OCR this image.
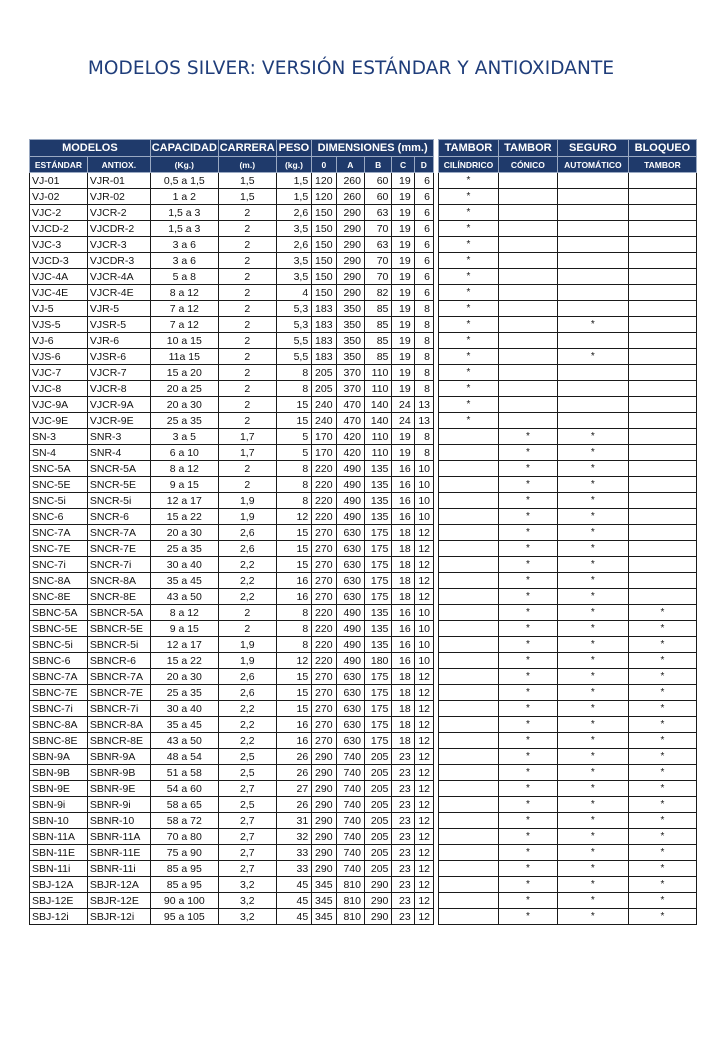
MODELOS SILVER: VERSIÓN ESTÁNDAR Y ANTIOXIDANTE
MODELOS		CAPACIDAD	CARRERA	PESO	DIMENSIONES (mm.)						TAMBOR	TAMBOR	SEGURO	BLOQUEO
ESTÁNDAR	ANTIOX.	(Kg.)	(m.)	(kg.)	0	A	B	C	D		CILÍNDRICO	CÓNICO	AUTOMÁTICO	TAMBOR
VJ-01	VJR-01	0,5 a 1,5	1,5	1,5	120	260	60	19	6		*			
VJ-02	VJR-02	1 a 2	1,5	1,5	120	260	60	19	6		*			
VJC-2	VJCR-2	1,5 a 3	2	2,6	150	290	63	19	6		*			
VJCD-2	VJCDR-2	1,5 a 3	2	3,5	150	290	70	19	6		*			
VJC-3	VJCR-3	3 a 6	2	2,6	150	290	63	19	6		*			
VJCD-3	VJCDR-3	3 a 6	2	3,5	150	290	70	19	6		*			
VJC-4A	VJCR-4A	5 a 8	2	3,5	150	290	70	19	6		*			
VJC-4E	VJCR-4E	8 a 12	2	4	150	290	82	19	6		*			
VJ-5	VJR-5	7 a 12	2	5,3	183	350	85	19	8		*			
VJS-5	VJSR-5	7 a 12	2	5,3	183	350	85	19	8		*		*	
VJ-6	VJR-6	10 a 15	2	5,5	183	350	85	19	8		*			
VJS-6	VJSR-6	11a 15	2	5,5	183	350	85	19	8		*		*	
VJC-7	VJCR-7	15 a 20	2	8	205	370	110	19	8		*			
VJC-8	VJCR-8	20 a 25	2	8	205	370	110	19	8		*			
VJC-9A	VJCR-9A	20 a 30	2	15	240	470	140	24	13		*			
VJC-9E	VJCR-9E	25 a 35	2	15	240	470	140	24	13		*			
SN-3	SNR-3	3 a 5	1,7	5	170	420	110	19	8			*	*	
SN-4	SNR-4	6 a 10	1,7	5	170	420	110	19	8			*	*	
SNC-5A	SNCR-5A	8 a 12	2	8	220	490	135	16	10			*	*	
SNC-5E	SNCR-5E	9 a 15	2	8	220	490	135	16	10			*	*	
SNC-5i	SNCR-5i	12 a 17	1,9	8	220	490	135	16	10			*	*	
SNC-6	SNCR-6	15 a 22	1,9	12	220	490	135	16	10			*	*	
SNC-7A	SNCR-7A	20 a 30	2,6	15	270	630	175	18	12			*	*	
SNC-7E	SNCR-7E	25 a 35	2,6	15	270	630	175	18	12			*	*	
SNC-7i	SNCR-7i	30 a 40	2,2	15	270	630	175	18	12			*	*	
SNC-8A	SNCR-8A	35 a 45	2,2	16	270	630	175	18	12			*	*	
SNC-8E	SNCR-8E	43 a 50	2,2	16	270	630	175	18	12			*	*	
SBNC-5A	SBNCR-5A	8 a 12	2	8	220	490	135	16	10			*	*	*
SBNC-5E	SBNCR-5E	9 a 15	2	8	220	490	135	16	10			*	*	*
SBNC-5i	SBNCR-5i	12 a 17	1,9	8	220	490	135	16	10			*	*	*
SBNC-6	SBNCR-6	15 a 22	1,9	12	220	490	180	16	10			*	*	*
SBNC-7A	SBNCR-7A	20 a 30	2,6	15	270	630	175	18	12			*	*	*
SBNC-7E	SBNCR-7E	25 a 35	2,6	15	270	630	175	18	12			*	*	*
SBNC-7i	SBNCR-7i	30 a 40	2,2	15	270	630	175	18	12			*	*	*
SBNC-8A	SBNCR-8A	35 a 45	2,2	16	270	630	175	18	12			*	*	*
SBNC-8E	SBNCR-8E	43 a 50	2,2	16	270	630	175	18	12			*	*	*
SBN-9A	SBNR-9A	48 a 54	2,5	26	290	740	205	23	12			*	*	*
SBN-9B	SBNR-9B	51 a 58	2,5	26	290	740	205	23	12			*	*	*
SBN-9E	SBNR-9E	54 a 60	2,7	27	290	740	205	23	12			*	*	*
SBN-9i	SBNR-9i	58 a 65	2,5	26	290	740	205	23	12			*	*	*
SBN-10	SBNR-10	58 a 72	2,7	31	290	740	205	23	12			*	*	*
SBN-11A	SBNR-11A	70 a 80	2,7	32	290	740	205	23	12			*	*	*
SBN-11E	SBNR-11E	75 a 90	2,7	33	290	740	205	23	12			*	*	*
SBN-11i	SBNR-11i	85 a 95	2,7	33	290	740	205	23	12			*	*	*
SBJ-12A	SBJR-12A	85 a 95	3,2	45	345	810	290	23	12			*	*	*
SBJ-12E	SBJR-12E	90 a 100	3,2	45	345	810	290	23	12			*	*	*
SBJ-12i	SBJR-12i	95 a 105	3,2	45	345	810	290	23	12			*	*	*
